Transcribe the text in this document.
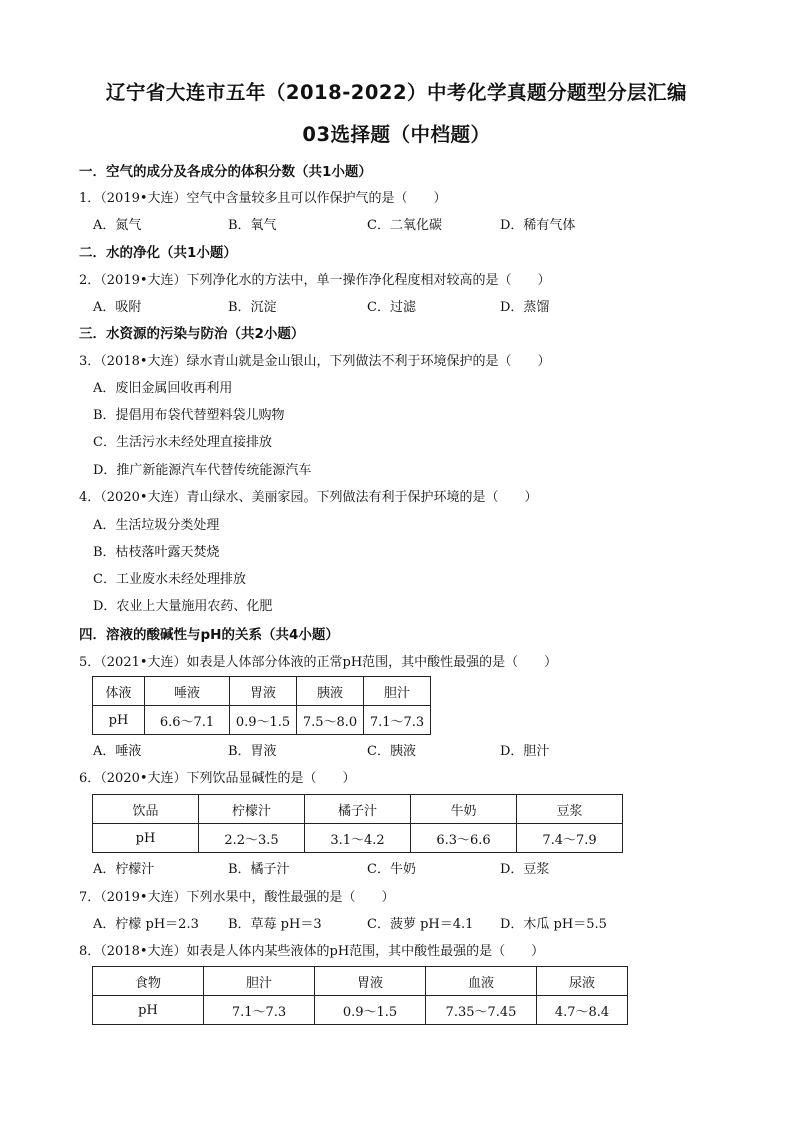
辽宁省大连市五年（2018-2022）中考化学真题分题型分层汇编
03选择题（中档题）
一．空气的成分及各成分的体积分数（共1小题）
1．（2019•大连）空气中含量较多且可以作保护气的是（　　）
A．氮气	B．氧气	C．二氧化碳	D．稀有气体
二．水的净化（共1小题）
2．（2019•大连）下列净化水的方法中，单一操作净化程度相对较高的是（　　）
A．吸附	B．沉淀	C．过滤	D．蒸馏
三．水资源的污染与防治（共2小题）
3．（2018•大连）绿水青山就是金山银山，下列做法不利于环境保护的是（　　）
A．废旧金属回收再利用
B．提倡用布袋代替塑料袋儿购物
C．生活污水未经处理直接排放
D．推广新能源汽车代替传统能源汽车
4．（2020•大连）青山绿水、美丽家园。下列做法有利于保护环境的是（　　）
A．生活垃圾分类处理
B．枯枝落叶露天焚烧
C．工业废水未经处理排放
D．农业上大量施用农药、化肥
四．溶液的酸碱性与pH的关系（共4小题）
5．（2021•大连）如表是人体部分体液的正常pH范围，其中酸性最强的是（　　）
体液	唾液	胃液	胰液	胆汁
pH	6.6～7.1	0.9～1.5	7.5～8.0	7.1～7.3
A．唾液	B．胃液	C．胰液	D．胆汁
6．（2020•大连）下列饮品显碱性的是（　　）
饮品	柠檬汁	橘子汁	牛奶	豆浆
pH	2.2～3.5	3.1～4.2	6.3～6.6	7.4～7.9
A．柠檬汁	B．橘子汁	C．牛奶	D．豆浆
7．（2019•大连）下列水果中，酸性最强的是（　　）
A．柠檬 pH＝2.3 B．草莓 pH＝3	C．菠萝 pH＝4.1 D．木瓜 pH＝5.5
8．（2018•大连）如表是人体内某些液体的pH范围，其中酸性最强的是（　　）
食物	胆汁	胃液	血液	尿液
pH	7.1～7.3	0.9～1.5	7.35～7.45	4.7～8.4
